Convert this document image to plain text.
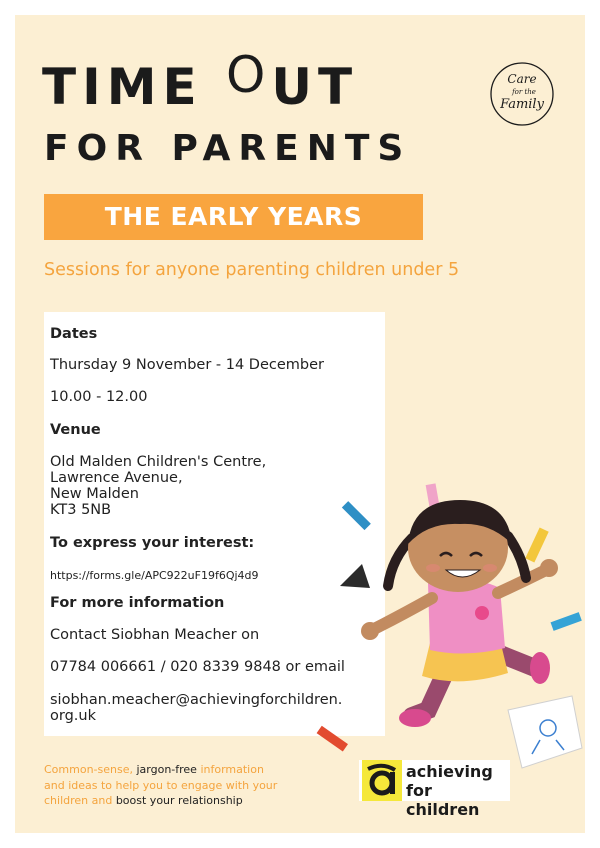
TIME OUT
FOR PARENTS
Care
for the
Family
THE EARLY YEARS
Sessions for anyone parenting children under 5
Dates
Thursday 9 November - 14 December
10.00 - 12.00
Venue
Old Malden Children's Centre,
Lawrence Avenue,
New Malden
KT3 5NB
To express your interest:
https://forms.gle/APC922uF19f6Qj4d9
For more information
Contact Siobhan Meacher on
07784 006661 / 020 8339 9848 or email
siobhan.meacher@achievingforchildren.
org.uk
Common-sense, jargon-free information
and ideas to help you to engage with your
children and boost your relationship
achieving
for children
